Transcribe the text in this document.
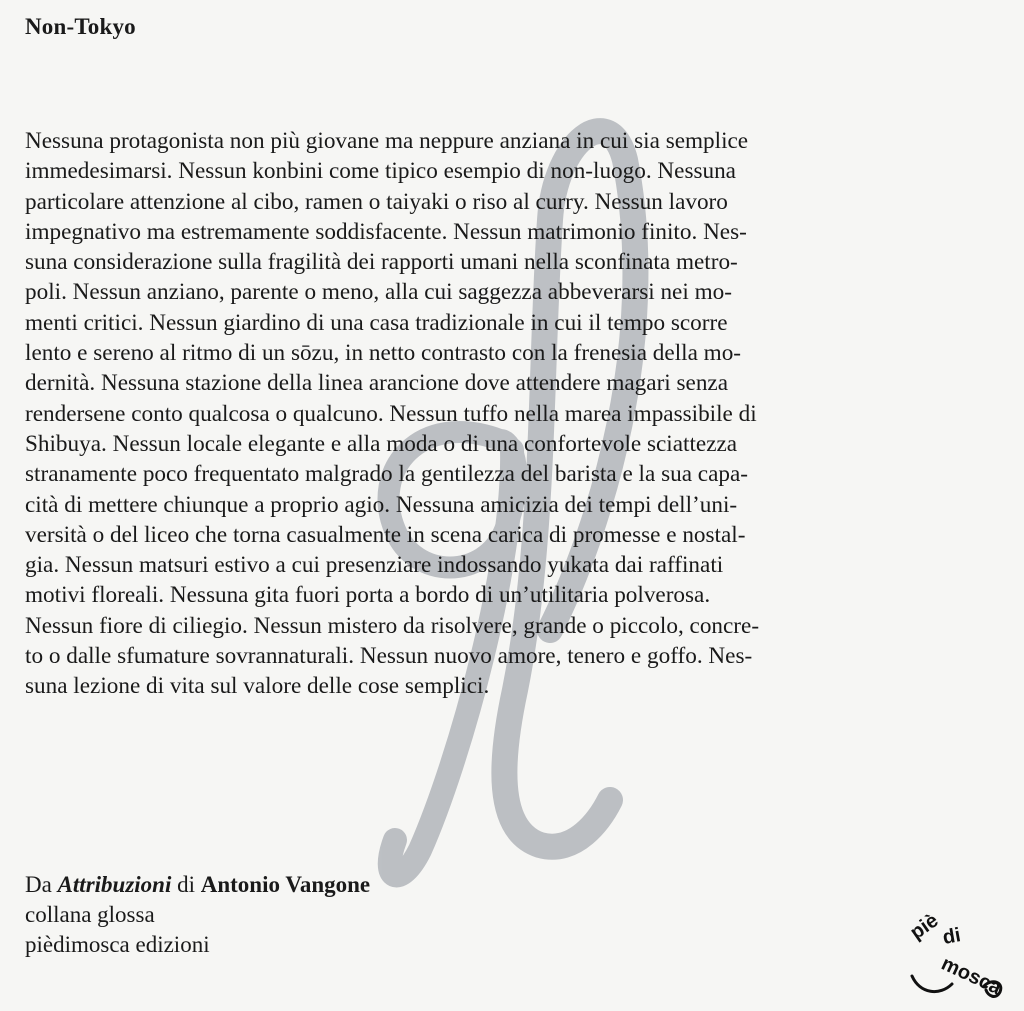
Non-Tokyo
Nessuna protagonista non più giovane ma neppure anziana in cui sia semplice
immedesimarsi. Nessun konbini come tipico esempio di non-luogo. Nessuna
particolare attenzione al cibo, ramen o taiyaki o riso al curry. Nessun lavoro
impegnativo ma estremamente soddisfacente. Nessun matrimonio finito. Nes-
suna considerazione sulla fragilità dei rapporti umani nella sconfinata metro-
poli. Nessun anziano, parente o meno, alla cui saggezza abbeverarsi nei mo-
menti critici. Nessun giardino di una casa tradizionale in cui il tempo scorre
lento e sereno al ritmo di un sōzu, in netto contrasto con la frenesia della mo-
dernità. Nessuna stazione della linea arancione dove attendere magari senza
rendersene conto qualcosa o qualcuno. Nessun tuffo nella marea impassibile di
Shibuya. Nessun locale elegante e alla moda o di una confortevole sciattezza
stranamente poco frequentato malgrado la gentilezza del barista e la sua capa-
cità di mettere chiunque a proprio agio. Nessuna amicizia dei tempi dell’uni-
versità o del liceo che torna casualmente in scena carica di promesse e nostal-
gia. Nessun matsuri estivo a cui presenziare indossando yukata dai raffinati
motivi floreali. Nessuna gita fuori porta a bordo di un’utilitaria polverosa.
Nessun fiore di ciliegio. Nessun mistero da risolvere, grande o piccolo, concre-
to o dalle sfumature sovrannaturali. Nessun nuovo amore, tenero e goffo. Nes-
suna lezione di vita sul valore delle cose semplici.
Da Attribuzioni di Antonio Vangone
collana glossa
pièdimosca edizioni
piè
di
mosca
